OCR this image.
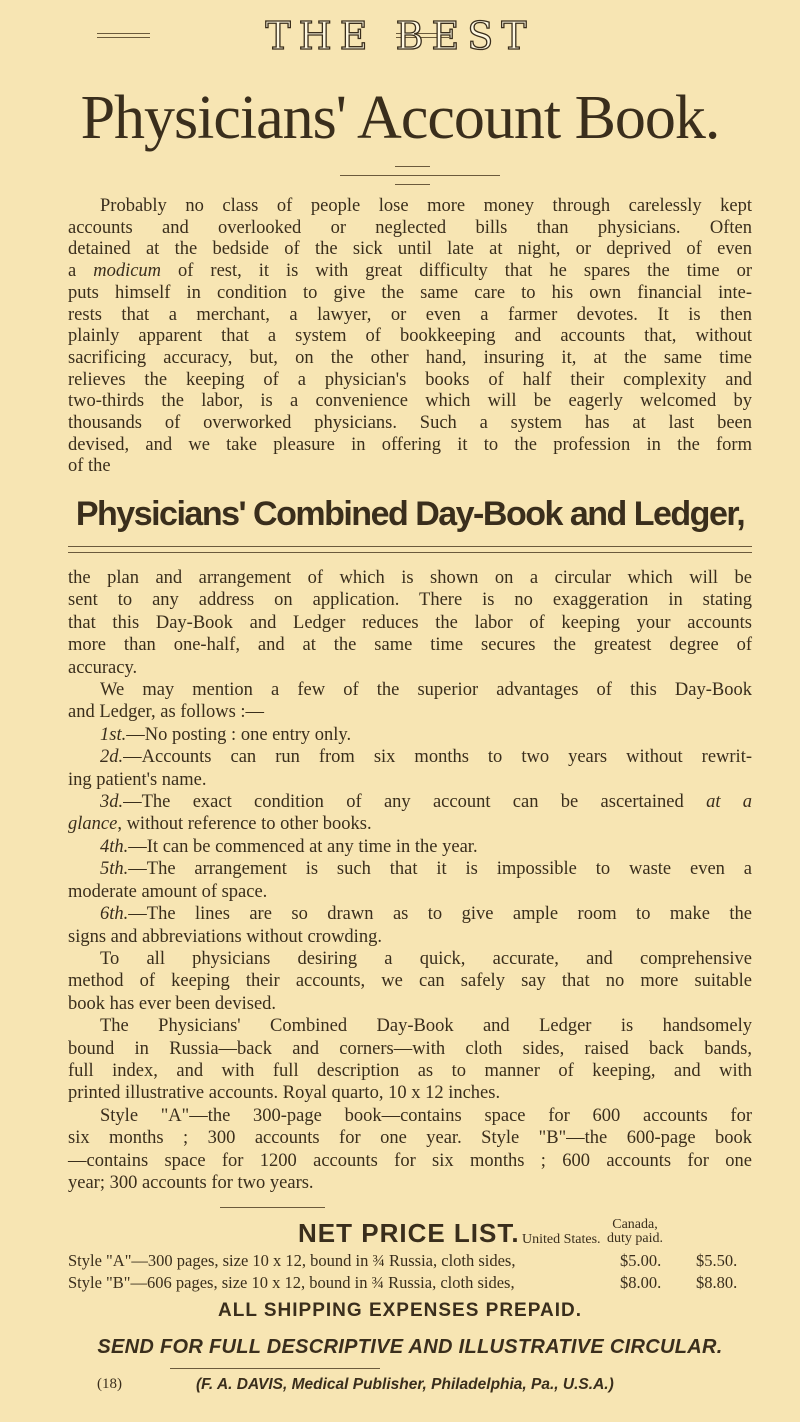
THE BEST
Physicians' Account Book.
Probably no class of people lose more money through carelessly kept
accounts and overlooked or neglected bills than physicians. Often
detained at the bedside of the sick until late at night, or deprived of even
a modicum of rest, it is with great difficulty that he spares the time or
puts himself in condition to give the same care to his own financial inte-
rests that a merchant, a lawyer, or even a farmer devotes. It is then
plainly apparent that a system of bookkeeping and accounts that, without
sacrificing accuracy, but, on the other hand, insuring it, at the same time
relieves the keeping of a physician's books of half their complexity and
two-thirds the labor, is a convenience which will be eagerly welcomed by
thousands of overworked physicians. Such a system has at last been
devised, and we take pleasure in offering it to the profession in the form
of the
Physicians' Combined Day-Book and Ledger,
the plan and arrangement of which is shown on a circular which will be
sent to any address on application. There is no exaggeration in stating
that this Day-Book and Ledger reduces the labor of keeping your accounts
more than one-half, and at the same time secures the greatest degree of
accuracy.
We may mention a few of the superior advantages of this Day-Book
and Ledger, as follows :—
1st.—No posting : one entry only.
2d.—Accounts can run from six months to two years without rewrit-
ing patient's name.
3d.—The exact condition of any account can be ascertained at a
glance, without reference to other books.
4th.—It can be commenced at any time in the year.
5th.—The arrangement is such that it is impossible to waste even a
moderate amount of space.
6th.—The lines are so drawn as to give ample room to make the
signs and abbreviations without crowding.
To all physicians desiring a quick, accurate, and comprehensive
method of keeping their accounts, we can safely say that no more suitable
book has ever been devised.
The Physicians' Combined Day-Book and Ledger is handsomely
bound in Russia—back and corners—with cloth sides, raised back bands,
full index, and with full description as to manner of keeping, and with
printed illustrative accounts. Royal quarto, 10 x 12 inches.
Style "A"—the 300-page book—contains space for 600 accounts for
six months ; 300 accounts for one year. Style "B"—the 600-page book
—contains space for 1200 accounts for six months ; 600 accounts for one
year; 300 accounts for two years.
NET PRICE LIST. United States.
Canada,
duty paid.
Style "A"—300 pages, size 10 x 12, bound in ¾ Russia, cloth sides,	$5.00. $5.50.
Style "B"—606 pages, size 10 x 12, bound in ¾ Russia, cloth sides,	$8.00. $8.80.
ALL SHIPPING EXPENSES PREPAID.
SEND FOR FULL DESCRIPTIVE AND ILLUSTRATIVE CIRCULAR.
(18)	(F. A. DAVIS, Medical Publisher, Philadelphia, Pa., U.S.A.)
